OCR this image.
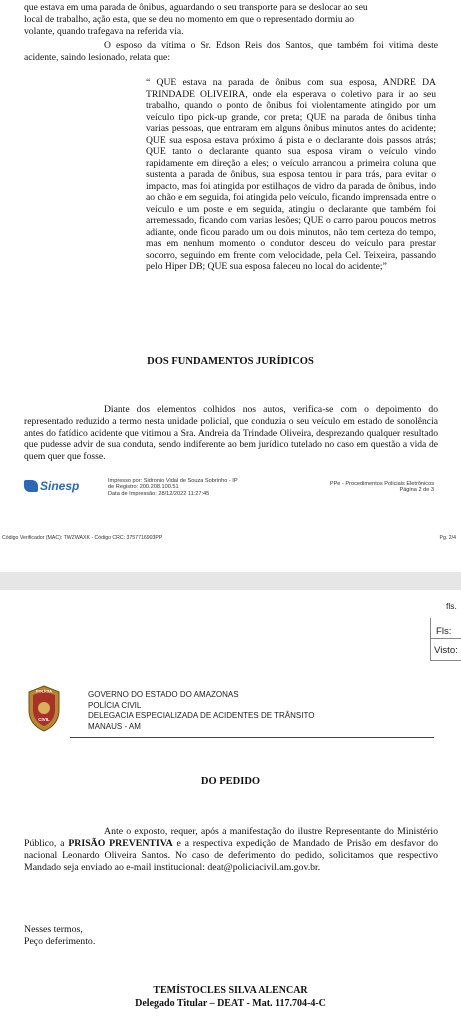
que estava em uma parada de ônibus, aguardando o seu transporte para se deslocar ao seu
local de trabalho, ação esta, que se deu no momento em que o representado dormiu ao
volante, quando trafegava na referida via.
O esposo da vítima o Sr. Edson Reis dos Santos, que também foi vitima deste acidente, saindo lesionado, relata que:
“ QUE estava na parada de ônibus com sua esposa, ANDRE DA TRINDADE OLIVEIRA, onde ela esperava o coletivo para ir ao seu trabalho, quando o ponto de ônibus foi violentamente atingido por um veículo tipo pick-up grande, cor preta; QUE na parada de ônibus tinha varias pessoas, que entraram em alguns ônibus minutos antes do acidente; QUE sua esposa estava próximo á pista e o declarante dois passos atrás; QUE tanto o declarante quanto sua esposa viram o veículo vindo rapidamente em direção a eles; o veículo arrancou a primeira coluna que sustenta a parada de ônibus, sua esposa tentou ir para trás, para evitar o impacto, mas foi atingida por estilhaços de vidro da parada de ônibus, indo ao chão e em seguida, foi atingida pelo veículo, ficando imprensada entre o veículo e um poste e em seguida, atingiu o declarante que também foi arremessado, ficando com varias lesões; QUE o carro parou poucos metros adiante, onde ficou parado um ou dois minutos, não tem certeza do tempo, mas em nenhum momento o condutor desceu do veículo para prestar socorro, seguindo em frente com velocidade, pela Cel. Teixeira, passando pelo Hiper DB; QUE sua esposa faleceu no local do acidente;”
DOS FUNDAMENTOS JURÍDICOS
Diante dos elementos colhidos nos autos, verifica-se com o depoimento do representado reduzido a termo nesta unidade policial, que conduzia o seu veículo em estado de sonolência antes do fatídico acidente que vitimou a Sra. Andreia da Trindade Oliveira, desprezando qualquer resultado que pudesse advir de sua conduta, sendo indiferente ao bem jurídico tutelado no caso em questão a vida de quem quer que fosse.
Sinesp	Impresso por: Sidronio Vidal de Souza Sobrinho - IP
de Registro: 200.208.100.51
Data de Impressão: 28/12/2022 11:27:45
PPe - Procedimentos Policiais Eletrônicos
Página 2 de 3
Código Verificador (MAC): TWZWAXK - Código CRC: 3757716903PP	Pg. 2/4
fls.
Fls:
Visto:
POLÍCIA
CIVIL
GOVERNO DO ESTADO DO AMAZONAS
POLÍCIA CIVIL
DELEGACIA ESPECIALIZADA DE ACIDENTES DE TRÂNSITO
MANAUS - AM
DO PEDIDO
Ante o exposto, requer, após a manifestação do ilustre Representante do Ministério Público, a PRISÃO PREVENTIVA e a respectiva expedição de Mandado de Prisão em desfavor do nacional Leonardo Oliveira Santos. No caso de deferimento do pedido, solicitamos que respectivo Mandado seja enviado ao e-mail institucional: deat@policiacivil.am.gov.br.
Nesses termos,
Peço deferimento.
TEMÍSTOCLES SILVA ALENCAR
Delegado Titular – DEAT - Mat. 117.704-4-C
